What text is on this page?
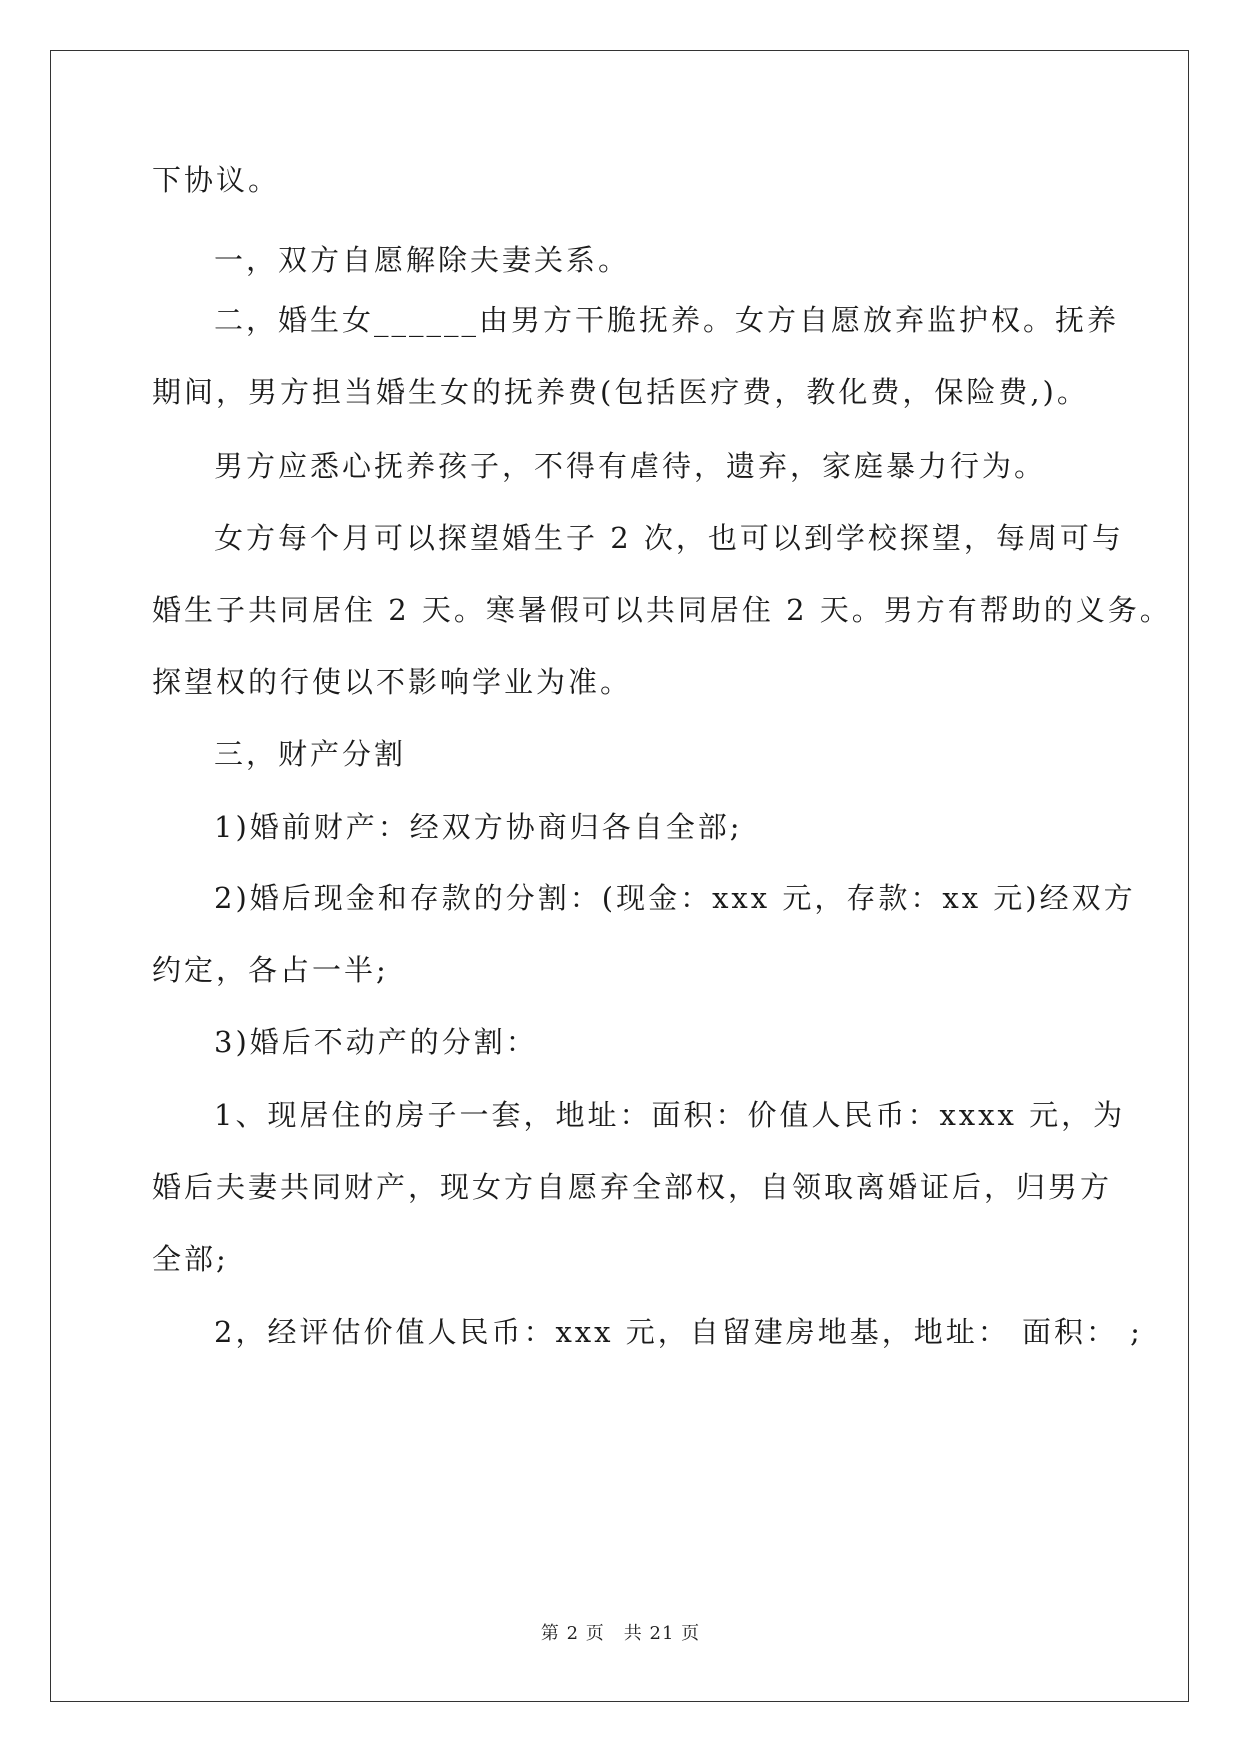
下协议。
一，双方自愿解除夫妻关系。
二，婚生女______由男方干脆抚养。女方自愿放弃监护权。抚养
期间，男方担当婚生女的抚养费(包括医疗费，教化费，保险费,)。
男方应悉心抚养孩子，不得有虐待，遗弃，家庭暴力行为。
女方每个月可以探望婚生子 2 次，也可以到学校探望，每周可与
婚生子共同居住 2 天。寒暑假可以共同居住 2 天。男方有帮助的义务。
探望权的行使以不影响学业为准。
三，财产分割
1)婚前财产：经双方协商归各自全部;
2)婚后现金和存款的分割：(现金：xxx 元，存款：xx 元)经双方
约定，各占一半;
3)婚后不动产的分割：
1、现居住的房子一套，地址：面积：价值人民币：xxxx 元，为
婚后夫妻共同财产，现女方自愿弃全部权，自领取离婚证后，归男方
全部;
2，经评估价值人民币：xxx 元，自留建房地基，地址： 面积： ;
第 2 页　共 21 页
